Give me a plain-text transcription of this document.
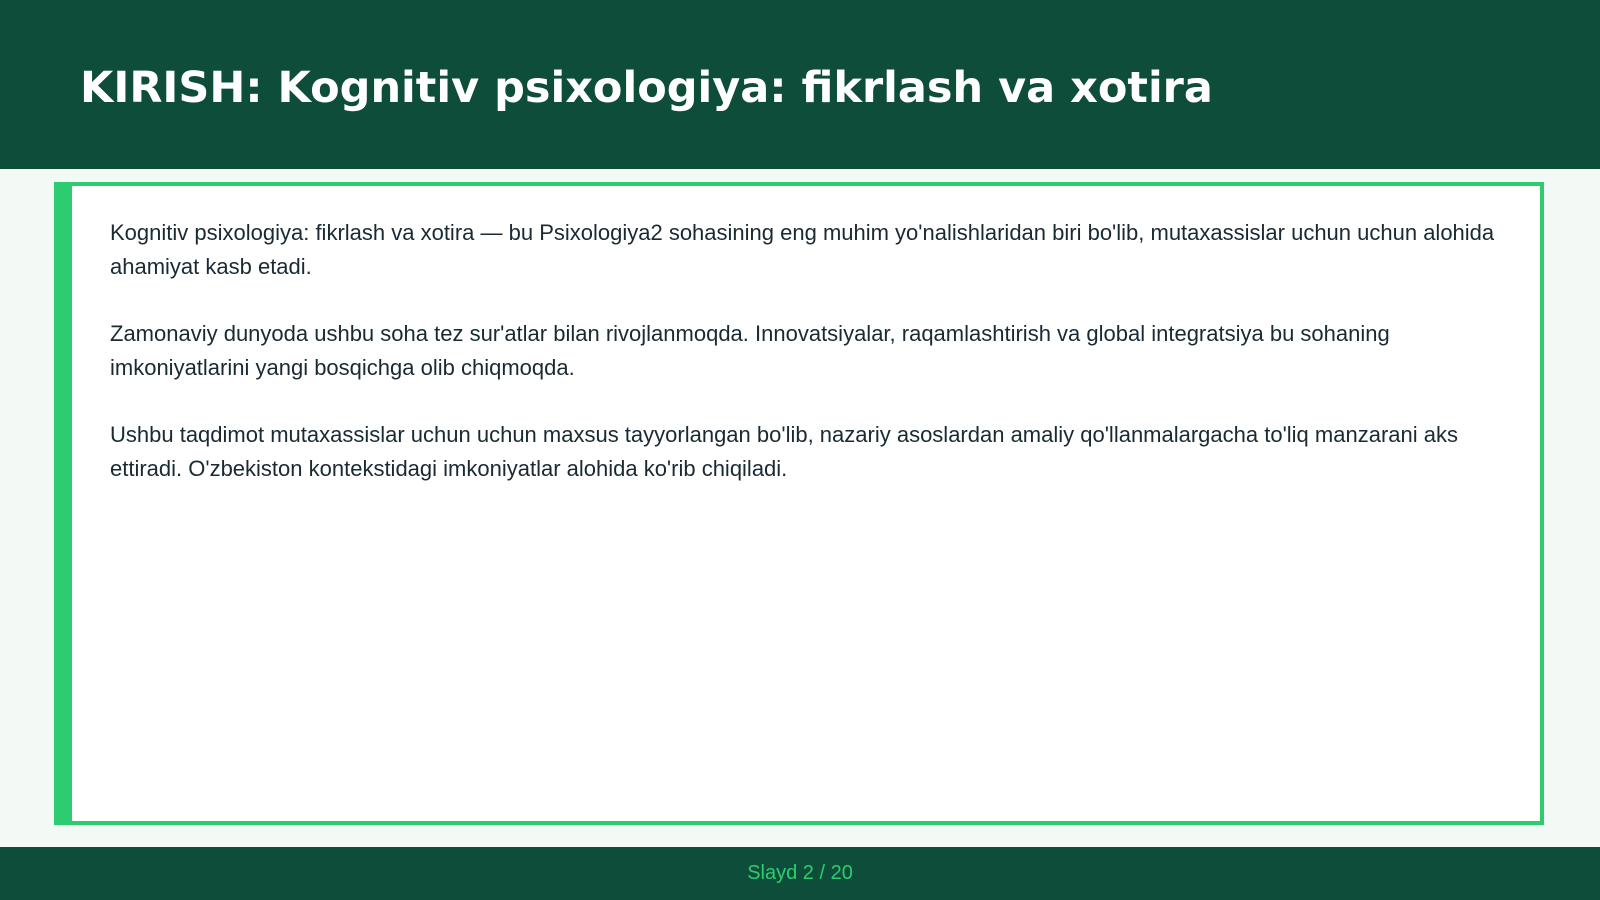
KIRISH: Kognitiv psixologiya: fikrlash va xotira

Kognitiv psixologiya: fikrlash va xotira — bu Psixologiya2 sohasining eng muhim yo'nalishlaridan biri bo'lib, mutaxassislar uchun uchun alohida ahamiyat kasb etadi.

Zamonaviy dunyoda ushbu soha tez sur'atlar bilan rivojlanmoqda. Innovatsiyalar, raqamlashtirish va global integratsiya bu sohaning imkoniyatlarini yangi bosqichga olib chiqmoqda.

Ushbu taqdimot mutaxassislar uchun uchun maxsus tayyorlangan bo'lib, nazariy asoslardan amaliy qo'llanmalargacha to'liq manzarani aks ettiradi. O'zbekiston kontekstidagi imkoniyatlar alohida ko'rib chiqiladi.

Slayd 2 / 20
